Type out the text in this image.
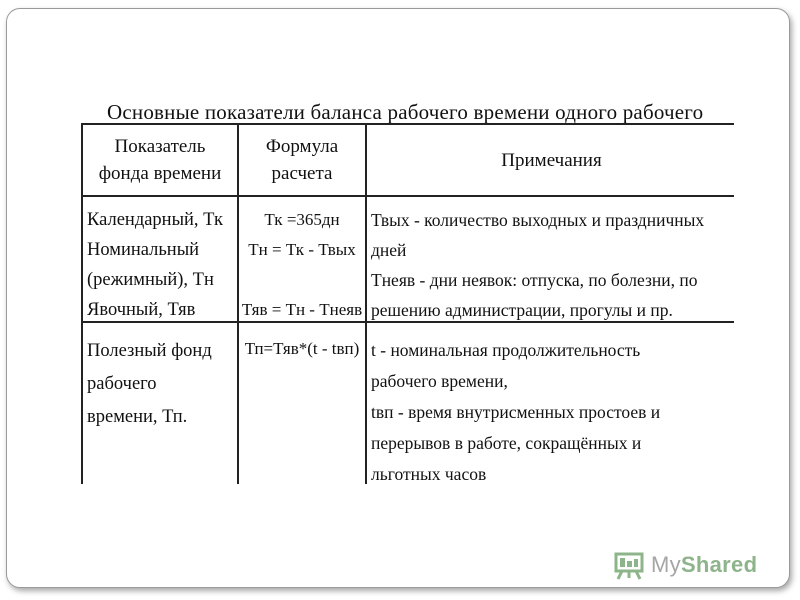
Основные показатели баланса рабочего времени одного рабочего
Показатель
фонда времени
Формула
расчета
Примечания
Календарный, Тк
Номинальный
(режимный), Тн
Явочный, Тяв
Тк =365дн
Тн = Тк - Твых
Тяв = Тн - Тнеяв
Твых - количество выходных и праздничных
дней
Тнеяв - дни неявок: отпуска, по болезни, по
решению администрации, прогулы и пр.
Полезный фонд
рабочего
времени, Тп.
Тп=Тяв*(t - tвп) t - номинальная продолжительность
рабочего времени,
tвп - время внутрисменных простоев и
перерывов в работе, сокращённых и
льготных часов
MyShared
